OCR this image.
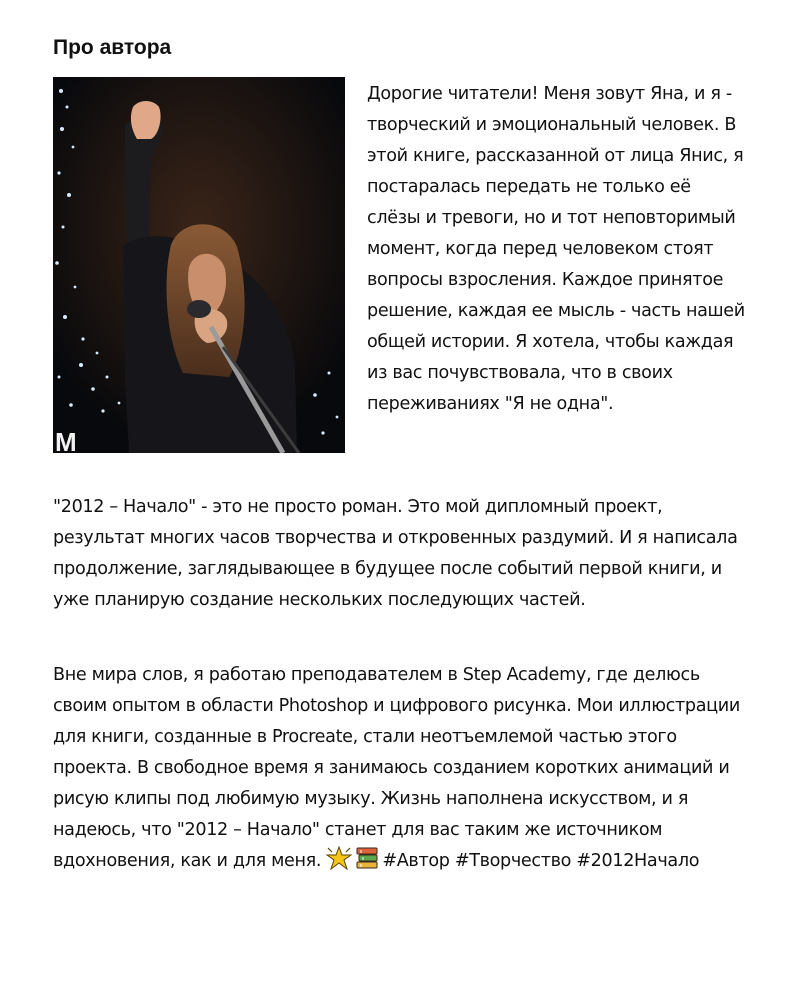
Про автора
M

Дорогие читатели! Меня зовут Яна, и я - творческий и эмоциональный человек. В этой книге, рассказанной от лица Янис, я постаралась передать не только её слёзы и тревоги, но и тот неповторимый момент, когда перед человеком стоят вопросы взросления. Каждое принятое решение, каждая ее мысль - часть нашей общей истории. Я хотела, чтобы каждая из вас почувствовала, что в своих переживаниях "Я не одна".

"2012 – Начало" - это не просто роман. Это мой дипломный проект, результат многих часов творчества и откровенных раздумий. И я написала продолжение, заглядывающее в будущее после событий первой книги, и уже планирую создание нескольких последующих частей.

Вне мира слов, я работаю преподавателем в Step Academy, где делюсь своим опытом в области Photoshop и цифрового рисунка. Мои иллюстрации для книги, созданные в Procreate, стали неотъемлемой частью этого проекта. В свободное время я занимаюсь созданием коротких анимаций и рисую клипы под любимую музыку. Жизнь наполнена искусством, и я надеюсь, что "2012 – Начало" станет для вас таким же источником вдохновения, как и для меня.	#Автор #Творчество #2012Начало
